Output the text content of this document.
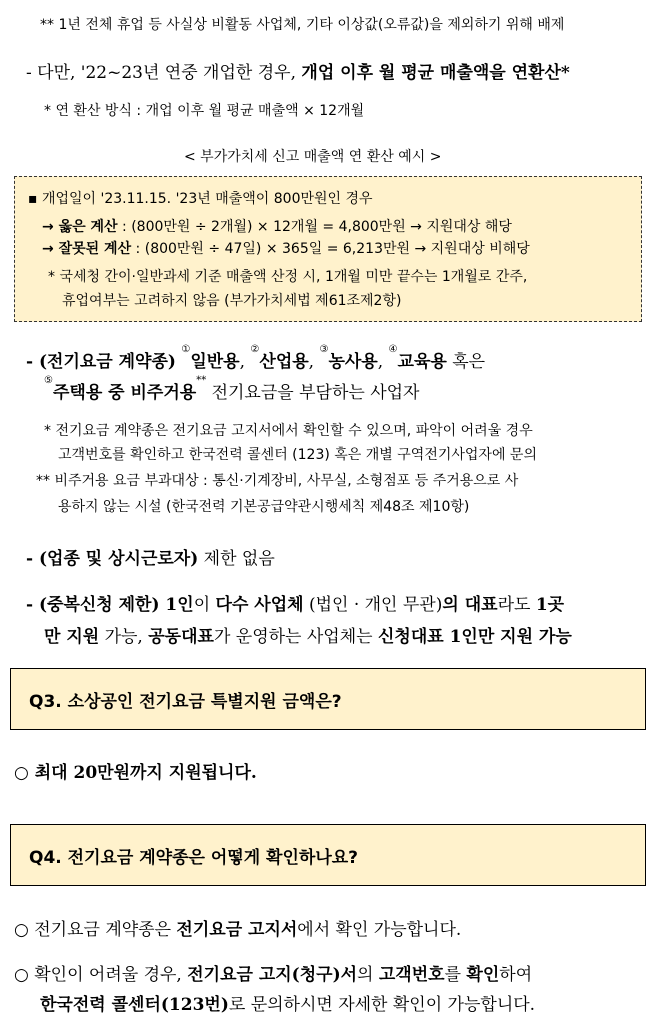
** 1년 전체 휴업 등 사실상 비활동 사업체, 기타 이상값(오류값)을 제외하기 위해 배제
- 다만, '22~23년 연중 개업한 경우, 개업 이후 월 평균 매출액을 연환산*
* 연 환산 방식 : 개업 이후 월 평균 매출액 × 12개월
< 부가가치세 신고 매출액 연 환산 예시 >
▪ 개업일이 '23.11.15. '23년 매출액이 800만원인 경우
→ 옳은 계산 : (800만원 ÷ 2개월) × 12개월 = 4,800만원 → 지원대상 해당
→ 잘못된 계산 : (800만원 ÷ 47일) × 365일 = 6,213만원 → 지원대상 비해당
* 국세청 간이·일반과세 기준 매출액 산정 시, 1개월 미만 끝수는 1개월로 간주,
휴업여부는 고려하지 않음 (부가가치세법 제61조제2항)
- (전기요금 계약종) ①일반용, ②산업용, ③농사용, ④교육용 혹은
⑤주택용 중 비주거용** 전기요금을 부담하는 사업자
* 전기요금 계약종은 전기요금 고지서에서 확인할 수 있으며, 파악이 어려울 경우
고객번호를 확인하고 한국전력 콜센터 (123) 혹은 개별 구역전기사업자에 문의
** 비주거용 요금 부과대상 : 통신·기계장비, 사무실, 소형점포 등 주거용으로 사
용하지 않는 시설 (한국전력 기본공급약관시행세칙 제48조 제10항)
- (업종 및 상시근로자) 제한 없음
- (중복신청 제한) 1인이 다수 사업체 (법인 · 개인 무관)의 대표라도 1곳
만 지원 가능, 공동대표가 운영하는 사업체는 신청대표 1인만 지원 가능
Q3. 소상공인 전기요금 특별지원 금액은?
○ 최대 20만원까지 지원됩니다.
Q4. 전기요금 계약종은 어떻게 확인하나요?
○ 전기요금 계약종은 전기요금 고지서에서 확인 가능합니다.
○ 확인이 어려울 경우, 전기요금 고지(청구)서의 고객번호를 확인하여
한국전력 콜센터(123번)로 문의하시면 자세한 확인이 가능합니다.
